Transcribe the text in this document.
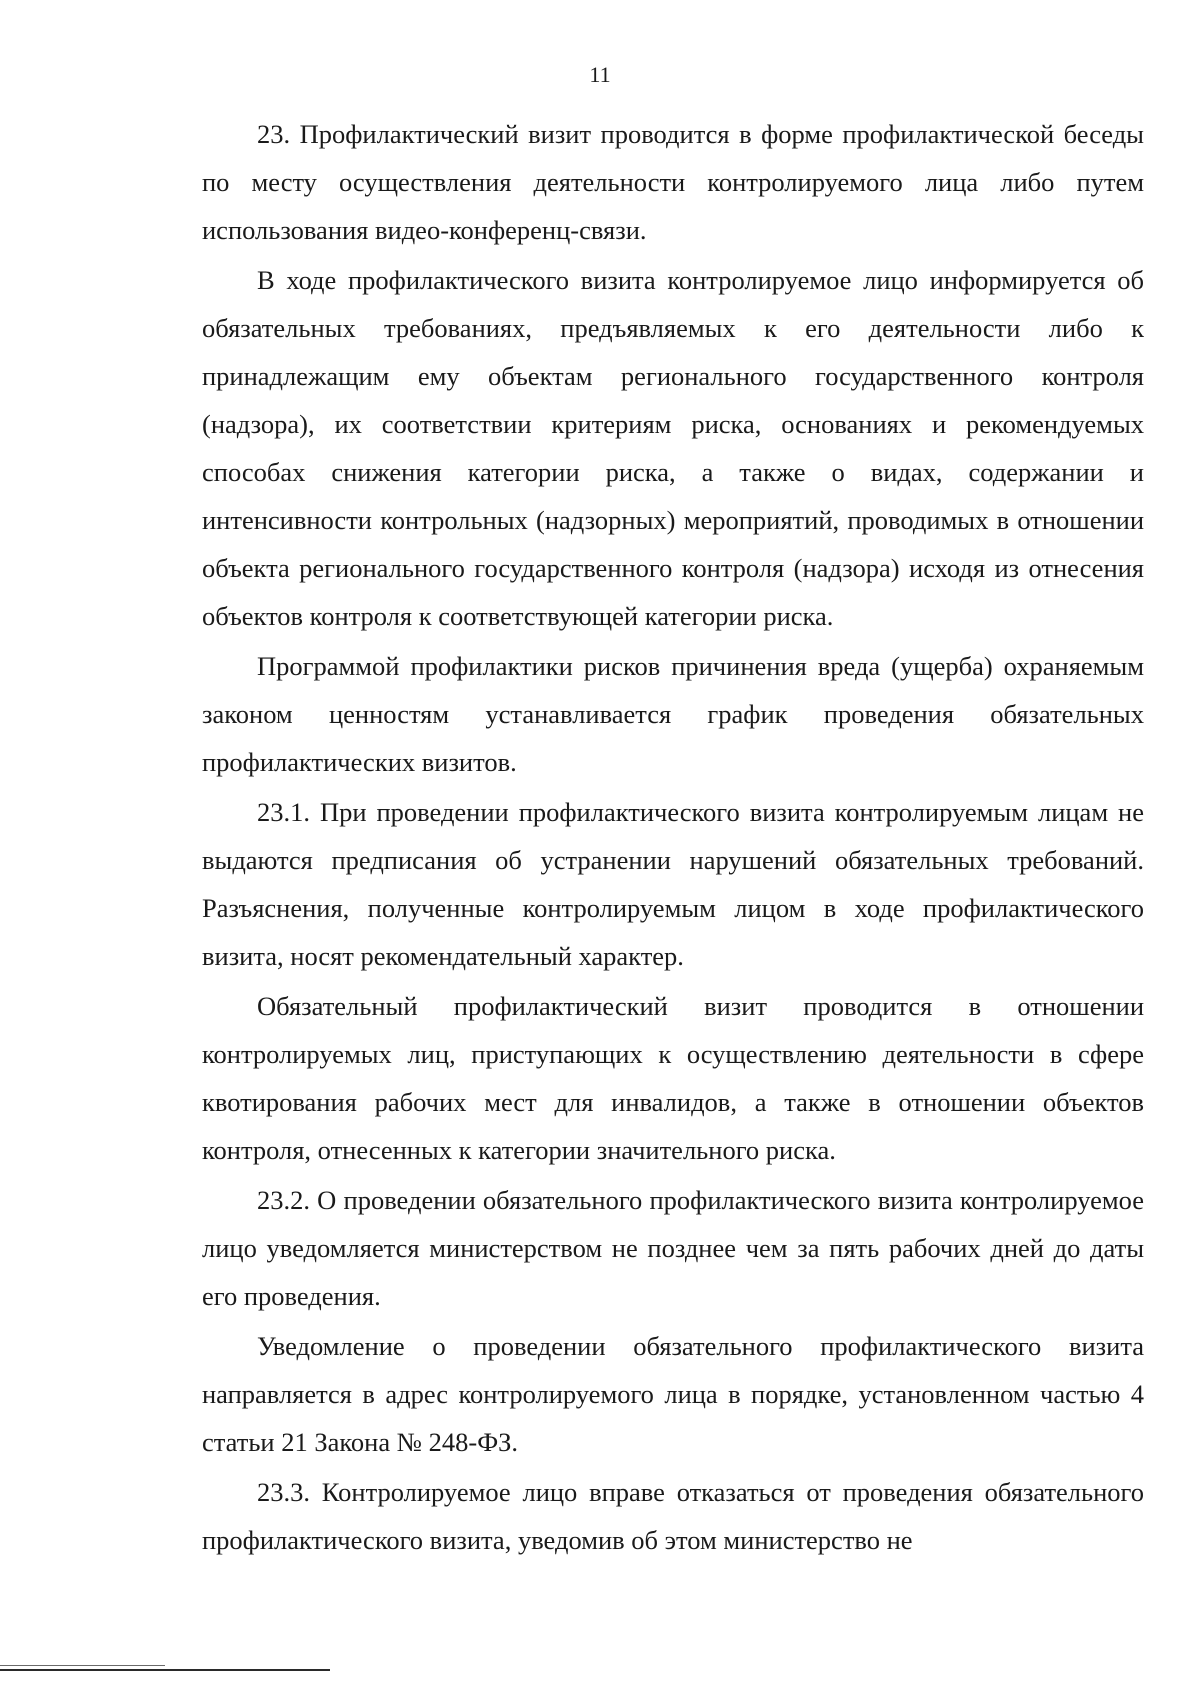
11

23. Профилактический визит проводится в форме профилактической беседы по месту осуществления деятельности контролируемого лица либо путем использования видео-конференц-связи.

В ходе профилактического визита контролируемое лицо информируется об обязательных требованиях, предъявляемых к его деятельности либо к принадлежащим ему объектам регионального государственного контроля (надзора), их соответствии критериям риска, основаниях и рекомендуемых способах снижения категории риска, а также о видах, содержании и интенсивности контрольных (надзорных) мероприятий, проводимых в отношении объекта регионального государственного контроля (надзора) исходя из отнесения объектов контроля к соответствующей категории риска.

Программой профилактики рисков причинения вреда (ущерба) охраняемым законом ценностям устанавливается график проведения обязательных профилактических визитов.

23.1. При проведении профилактического визита контролируемым лицам не выдаются предписания об устранении нарушений обязательных требований. Разъяснения, полученные контролируемым лицом в ходе профилактического визита, носят рекомендательный характер.

Обязательный профилактический визит проводится в отношении контролируемых лиц, приступающих к осуществлению деятельности в сфере квотирования рабочих мест для инвалидов, а также в отношении объектов контроля, отнесенных к категории значительного риска.

23.2. О проведении обязательного профилактического визита контролируемое лицо уведомляется министерством не позднее чем за пять рабочих дней до даты его проведения.

Уведомление о проведении обязательного профилактического визита направляется в адрес контролируемого лица в порядке, установленном частью 4 статьи 21 Закона № 248-ФЗ.

23.3. Контролируемое лицо вправе отказаться от проведения обязательного профилактического визита, уведомив об этом министерство не
